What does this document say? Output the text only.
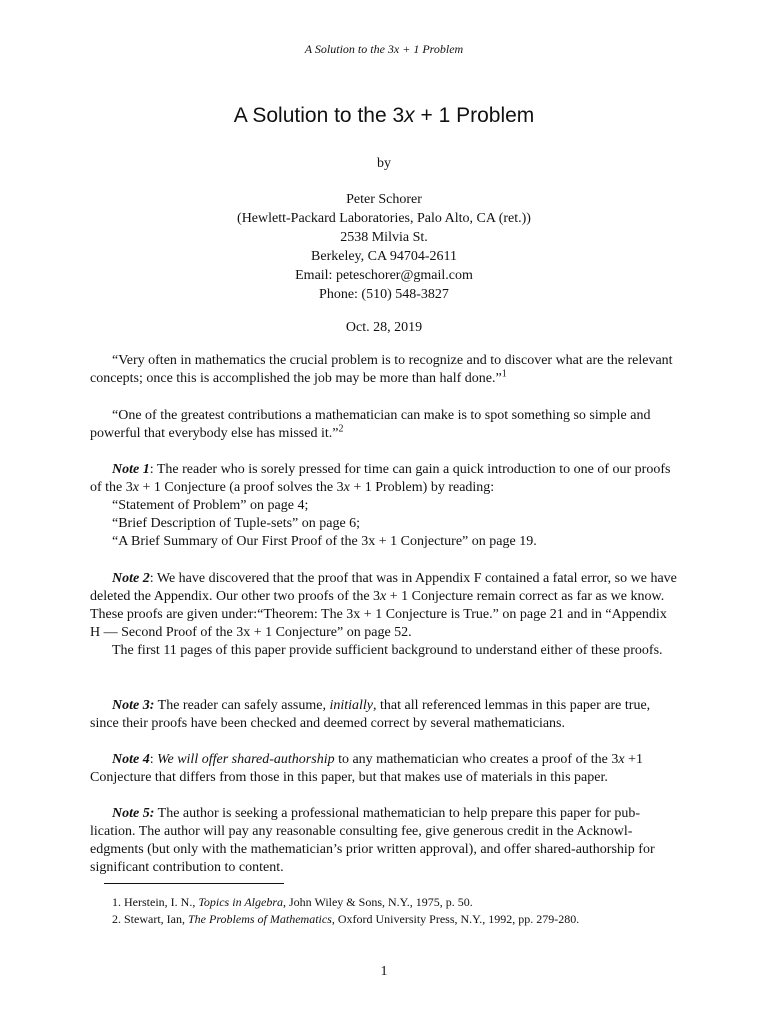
A Solution to the 3x + 1 Problem
A Solution to the 3x + 1 Problem
by
Peter Schorer
(Hewlett-Packard Laboratories, Palo Alto, CA (ret.))
2538 Milvia St.
Berkeley, CA 94704-2611
Email: peteschorer@gmail.com
Phone: (510) 548-3827
Oct. 28, 2019

“Very often in mathematics the crucial problem is to recognize and to discover what are the relevant concepts; once this is accomplished the job may be more than half done.”$^1$

“One of the greatest contributions a mathematician can make is to spot something so simple and powerful that everybody else has missed it.”$^2$

Note 1: The reader who is sorely pressed for time can gain a quick introduction to one of our proofs of the 3x + 1 Conjecture (a proof solves the 3x + 1 Problem) by reading:

“Statement of Problem” on page 4;
“Brief Description of Tuple-sets” on page 6;
“A Brief Summary of Our First Proof of the 3x + 1 Conjecture” on page 19.

Note 2: We have discovered that the proof that was in Appendix F contained a fatal error, so we have deleted the Appendix. Our other two proofs of the 3x + 1 Conjecture remain correct as far as we know. These proofs are given under:“Theorem: The 3x + 1 Conjecture is True.” on page 21 and in “Appendix H — Second Proof of the 3x + 1 Conjecture” on page 52.

The first 11 pages of this paper provide sufficient background to understand either of these proofs.

Note 3: The reader can safely assume, initially, that all referenced lemmas in this paper are true, since their proofs have been checked and deemed correct by several mathematicians.

Note 4: We will offer shared-authorship to any mathematician who creates a proof of the 3x +1 Conjecture that differs from those in this paper, but that makes use of materials in this paper.

Note 5: The author is seeking a professional mathematician to help prepare this paper for pub-lication. The author will pay any reasonable consulting fee, give generous credit in the Acknowl-edgments (but only with the mathematician’s prior written approval), and offer shared-authorship for significant contribution to content.

1. Herstein, I. N., Topics in Algebra, John Wiley & Sons, N.Y., 1975, p. 50.
2. Stewart, Ian, The Problems of Mathematics, Oxford University Press, N.Y., 1992, pp. 279-280.
1
